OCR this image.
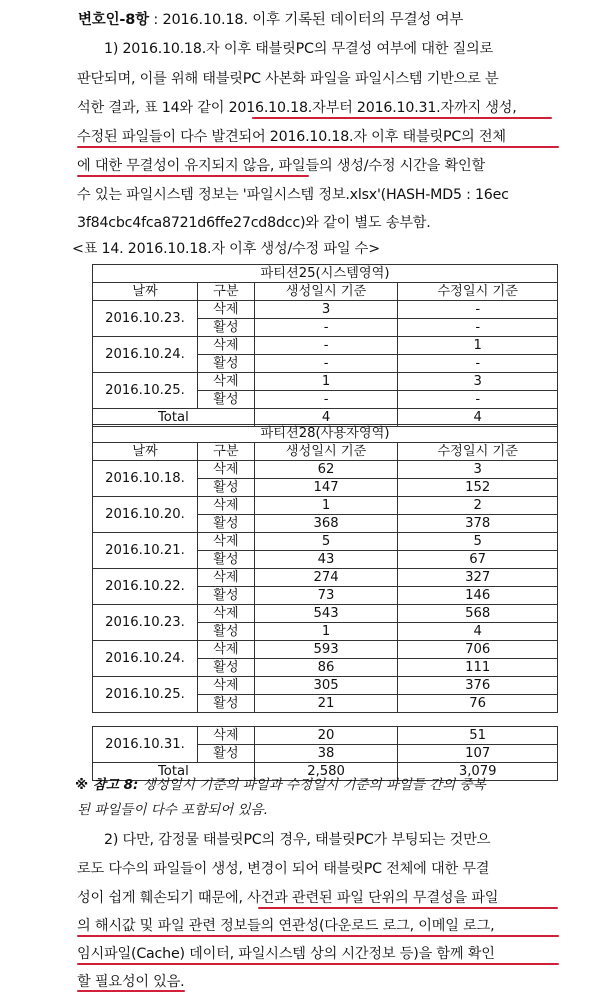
변호인-8항 : 2016.10.18. 이후 기록된 데이터의 무결성 여부
1) 2016.10.18.자 이후 태블릿PC의 무결성 여부에 대한 질의로
판단되며, 이를 위해 태블릿PC 사본화 파일을 파일시스템 기반으로 분
석한 결과, 표 14와 같이 2016.10.18.자부터 2016.10.31.자까지 생성,
수정된 파일들이 다수 발견되어 2016.10.18.자 이후 태블릿PC의 전체
에 대한 무결성이 유지되지 않음, 파일들의 생성/수정 시간을 확인할
수 있는 파일시스템 정보는 '파일시스템 정보.xlsx'(HASH-MD5 : 16ec
3f84cbc4fca8721d6ffe27cd8dcc)와 같이 별도 송부함.
<표 14. 2016.10.18.자 이후 생성/수정 파일 수>
파티션25(시스템영역)			
날짜	구분	생성일시 기준	수정일시 기준
2016.10.23.	삭제	3	-
	활성	-	-
2016.10.24.	삭제	-	1
	활성	-	-
2016.10.25.	삭제	1	3
	활성	-	-
Total		4	4
파티션28(사용자영역)			
날짜	구분	생성일시 기준	수정일시 기준
2016.10.18.	삭제	62	3
	활성	147	152
2016.10.20.	삭제	1	2
	활성	368	378
2016.10.21.	삭제	5	5
	활성	43	67
2016.10.22.	삭제	274	327
	활성	73	146
2016.10.23.	삭제	543	568
	활성	1	4
2016.10.24.	삭제	593	706
	활성	86	111
2016.10.25.	삭제	305	376
	활성	21	76

2016.10.31.	삭제	20	51
	활성	38	107
Total		2,580	3,079
※ 참고 8: 생성일시 기준의 파일과 수정일시 기준의 파일들 간의 중복
된 파일들이 다수 포함되어 있음.
2) 다만, 감정물 태블릿PC의 경우, 태블릿PC가 부팅되는 것만으
로도 다수의 파일들이 생성, 변경이 되어 태블릿PC 전체에 대한 무결
성이 쉽게 훼손되기 때문에, 사건과 관련된 파일 단위의 무결성을 파일
의 해시값 및 파일 관련 정보들의 연관성(다운로드 로그, 이메일 로그,
임시파일(Cache) 데이터, 파일시스템 상의 시간정보 등)을 함께 확인
할 필요성이 있음.
